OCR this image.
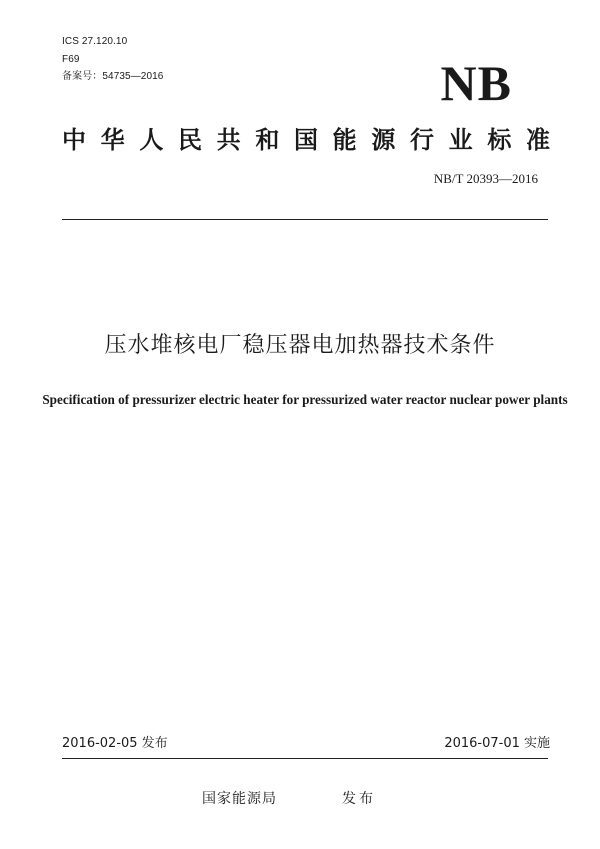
ICS 27.120.10
F69
备案号：54735—2016	NB
中华人民共和国能源行业标准
NB/T 20393—2016
压水堆核电厂稳压器电加热器技术条件
Specification of pressurizer electric heater for pressurized water reactor nuclear power plants
2016-02-05 发布	2016-07-01 实施
国家能源局	发布
